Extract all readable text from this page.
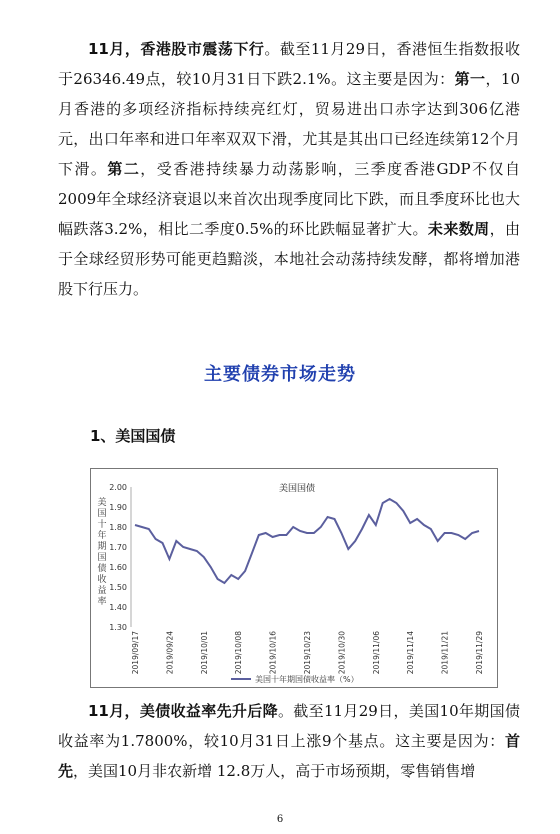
  11月，香港股市震荡下行。截至11月29日，香港恒生指数报收于26346.49点，较10月31日下跌2.1%。这主要是因为：第一，10月香港的多项经济指标持续亮红灯，贸易进出口赤字达到306亿港元，出口年率和进口年率双双下滑，尤其是其出口已经连续第12个月下滑。第二，受香港持续暴力动荡影响，三季度香港GDP不仅自2009年全球经济衰退以来首次出现季度同比下跌，而且季度环比也大幅跌落3.2%，相比二季度0.5%的环比跌幅显著扩大。未来数周，由于全球经贸形势可能更趋黯淡，本地社会动荡持续发酵，都将增加港股下行压力。

主要债券市场走势
1、美国国债
美国国债
2.00
1.90
1.80
1.70
1.60
1.50
1.40
1.30
美
国
十
年
期
国
债
收
益
率
2019/09/17	2019/09/24	2019/10/01	2019/10/08	2019/10/16	2019/10/23	2019/10/30	2019/11/06	2019/11/14	2019/11/21	2019/11/29
美国十年期国债收益率（%）

  11月，美债收益率先升后降。截至11月29日，美国10年期国债收益率为1.7800%，较10月31日上涨9个基点。这主要是因为：首先，美国10月非农新增 12.8万人，高于市场预期，零售销售增

6
